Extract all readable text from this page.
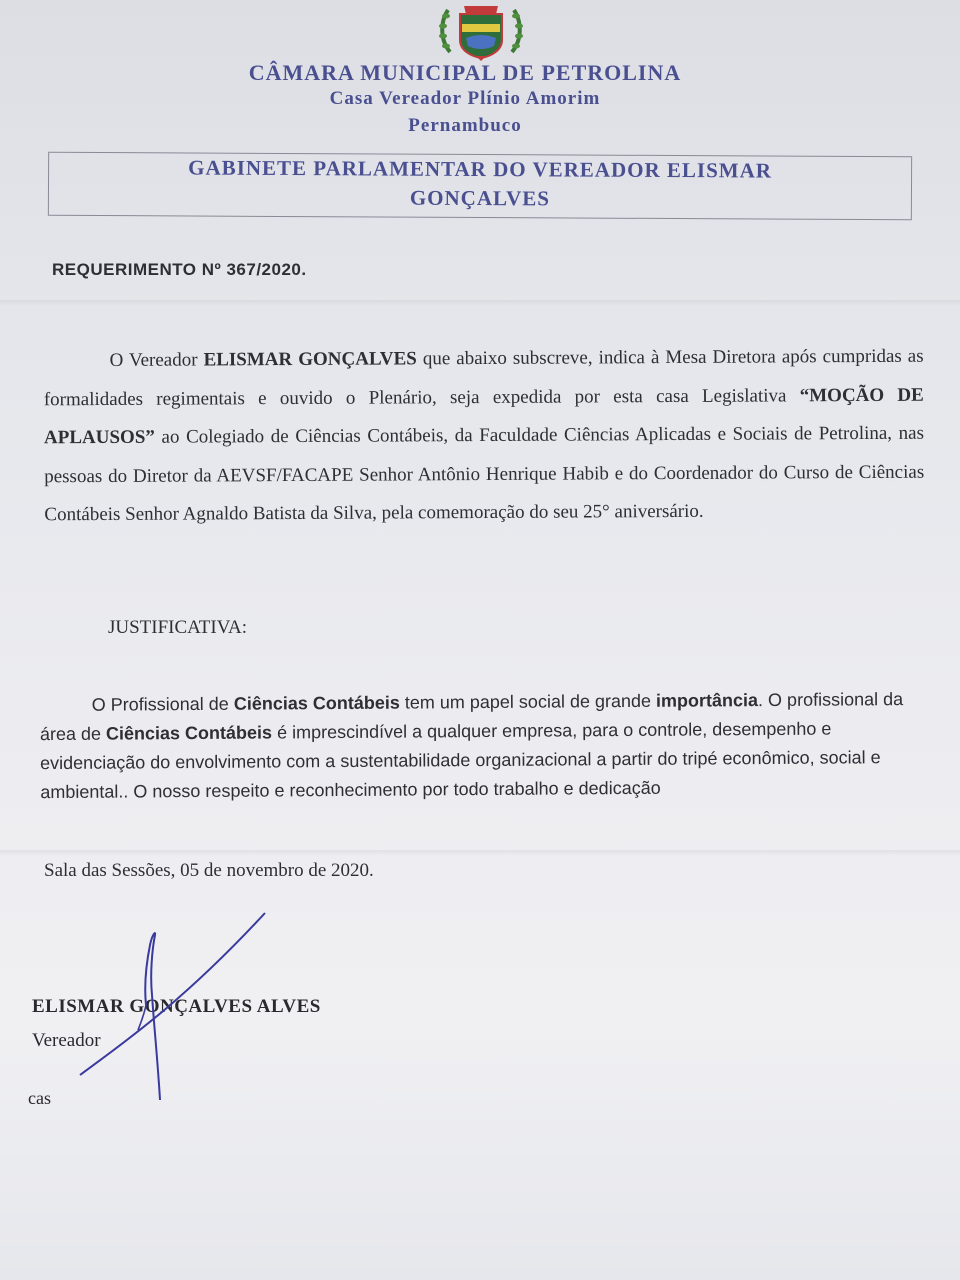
CÂMARA MUNICIPAL DE PETROLINA
Casa Vereador Plínio Amorim
Pernambuco
GABINETE PARLAMENTAR DO VEREADOR ELISMAR
GONÇALVES
REQUERIMENTO Nº 367/2020.
O Vereador ELISMAR GONÇALVES que abaixo subscreve, indica à Mesa Diretora após cumpridas as formalidades regimentais e ouvido o Plenário, seja expedida por esta casa Legislativa “MOÇÃO DE APLAUSOS” ao Colegiado de Ciências Contábeis, da Faculdade Ciências Aplicadas e Sociais de Petrolina, nas pessoas do Diretor da AEVSF/FACAPE Senhor Antônio Henrique Habib e do Coordenador do Curso de Ciências Contábeis Senhor Agnaldo Batista da Silva, pela comemoração do seu 25° aniversário.
JUSTIFICATIVA:
O Profissional de Ciências Contábeis tem um papel social de grande importância. O profissional da área de Ciências Contábeis é imprescindível a qualquer empresa, para o controle, desempenho e evidenciação do envolvimento com a sustentabilidade organizacional a partir do tripé econômico, social e ambiental.. O nosso respeito e reconhecimento por todo trabalho e dedicação
Sala das Sessões, 05 de novembro de 2020.
ELISMAR GONÇALVES ALVES
Vereador
cas
